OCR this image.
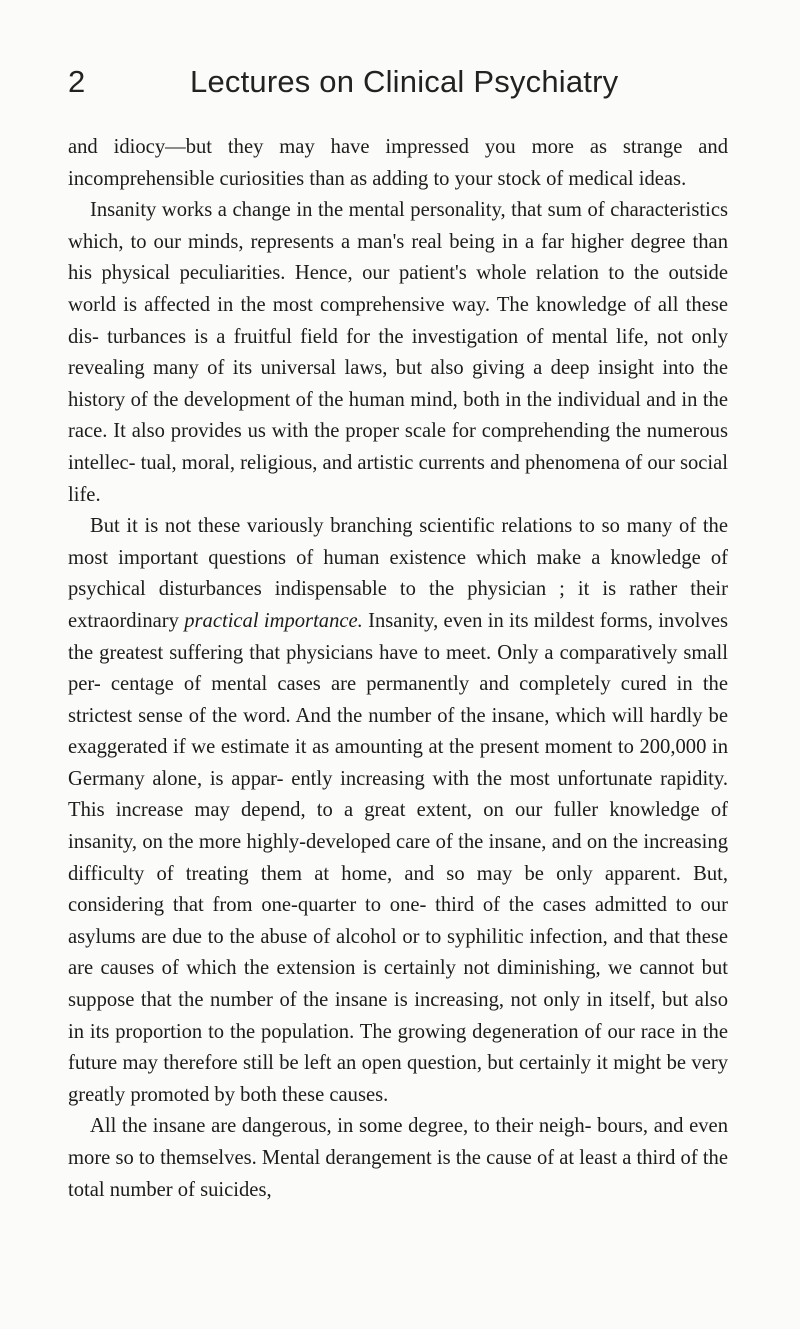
2	Lectures on Clinical Psychiatry

and idiocy—but they may have impressed you more as strange and incomprehensible curiosities than as adding to your stock of medical ideas.

Insanity works a change in the mental personality, that sum of characteristics which, to our minds, represents a man's real being in a far higher degree than his physical peculiarities. Hence, our patient's whole relation to the outside world is affected in the most comprehensive way. The knowledge of all these dis- turbances is a fruitful field for the investigation of mental life, not only revealing many of its universal laws, but also giving a deep insight into the history of the development of the human mind, both in the individual and in the race. It also provides us with the proper scale for comprehending the numerous intellec- tual, moral, religious, and artistic currents and phenomena of our social life.

But it is not these variously branching scientific relations to so many of the most important questions of human existence which make a knowledge of psychical disturbances indispensable to the physician ; it is rather their extraordinary practical importance. Insanity, even in its mildest forms, involves the greatest suffering that physicians have to meet. Only a comparatively small per- centage of mental cases are permanently and completely cured in the strictest sense of the word. And the number of the insane, which will hardly be exaggerated if we estimate it as amounting at the present moment to 200,000 in Germany alone, is appar- ently increasing with the most unfortunate rapidity. This increase may depend, to a great extent, on our fuller knowledge of insanity, on the more highly-developed care of the insane, and on the increasing difficulty of treating them at home, and so may be only apparent. But, considering that from one-quarter to one- third of the cases admitted to our asylums are due to the abuse of alcohol or to syphilitic infection, and that these are causes of which the extension is certainly not diminishing, we cannot but suppose that the number of the insane is increasing, not only in itself, but also in its proportion to the population. The growing degeneration of our race in the future may therefore still be left an open question, but certainly it might be very greatly promoted by both these causes.

All the insane are dangerous, in some degree, to their neigh- bours, and even more so to themselves. Mental derangement is the cause of at least a third of the total number of suicides,
